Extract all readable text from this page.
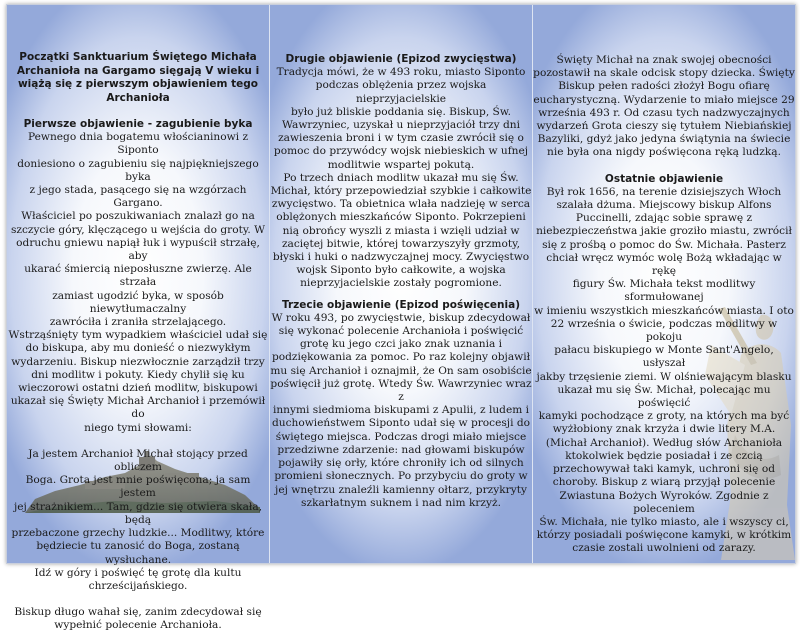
Początki Sanktuarium Świętego Michała

Archanioła na Gargamo sięgają V wieku i

wiążą się z pierwszym objawieniem tego

Archanioła

Pierwsze objawienie - zagubienie byka

Pewnego dnia bogatemu włościaninowi z Siponto

doniesiono o zagubieniu się najpiękniejszego byka

z jego stada, pasącego się na wzgórzach Gargano.

Właściciel po poszukiwaniach znalazł go na

szczycie góry, klęczącego u wejścia do groty. W

odruchu gniewu napiął łuk i wypuścił strzałę, aby

ukarać śmiercią nieposłuszne zwierzę. Ale strzała

zamiast ugodzić byka, w sposób niewytłumaczalny

zawróciła i zraniła strzelającego.

Wstrząśnięty tym wypadkiem właściciel udał się

do biskupa, aby mu donieść o niezwykłym

wydarzeniu. Biskup niezwłocznie zarządził trzy

dni modlitw i pokuty. Kiedy chylił się ku

wieczorowi ostatni dzień modlitw, biskupowi

ukazał się Święty Michał Archanioł i przemówił do

niego tymi słowami:

Ja jestem Archanioł Michał stojący przed obliczem

Boga. Grota jest mnie poświęcona; ja sam jestem

jej strażnikiem... Tam, gdzie się otwiera skała, będą

przebaczone grzechy ludzkie... Modlitwy, które

będziecie tu zanosić do Boga, zostaną wysłuchane.

Idź w góry i poświęć tę grotę dla kultu

chrześcijańskiego.

Biskup długo wahał się, zanim zdecydował się

wypełnić polecenie Archanioła.

Drugie objawienie (Epizod zwycięstwa)

Tradycja mówi, że w 493 roku, miasto Siponto

podczas oblężenia przez wojska nieprzyjacielskie

było już bliskie poddania się. Biskup, Św.

Wawrzyniec, uzyskał u nieprzyjaciół trzy dni

zawieszenia broni i w tym czasie zwrócił się o

pomoc do przywódcy wojsk niebieskich w ufnej

modlitwie wspartej pokutą.

Po trzech dniach modlitw ukazał mu się Św.

Michał, który przepowiedział szybkie i całkowite

zwycięstwo. Ta obietnica wlała nadzieję w serca

oblężonych mieszkańców Siponto. Pokrzepieni

nią obrońcy wyszli z miasta i wzięli udział w

zaciętej bitwie, której towarzyszyły grzmoty,

błyski i huki o nadzwyczajnej mocy. Zwycięstwo

wojsk Siponto było całkowite, a wojska

nieprzyjacielskie zostały pogromione.

Trzecie objawienie (Epizod poświęcenia)

W roku 493, po zwycięstwie, biskup zdecydował

się wykonać polecenie Archanioła i poświęcić

grotę ku jego czci jako znak uznania i

podziękowania za pomoc. Po raz kolejny objawił

mu się Archanioł i oznajmił, że On sam osobiście

poświęcił już grotę. Wtedy Św. Wawrzyniec wraz z

innymi siedmioma biskupami z Apulii, z ludem i

duchowieństwem Siponto udał się w procesji do

świętego miejsca. Podczas drogi miało miejsce

przedziwne zdarzenie: nad głowami biskupów

pojawiły się orły, które chroniły ich od silnych

promieni słonecznych. Po przybyciu do groty w

jej wnętrzu znaleźli kamienny ołtarz, przykryty

szkarłatnym suknem i nad nim krzyż.

Święty Michał na znak swojej obecności

pozostawił na skale odcisk stopy dziecka. Święty

Biskup pełen radości złożył Bogu ofiarę

eucharystyczną. Wydarzenie to miało miejsce 29

września 493 r. Od czasu tych nadzwyczajnych

wydarzeń Grota cieszy się tytułem Niebiańskiej

Bazyliki, gdyż jako jedyna świątynia na świecie

nie była ona nigdy poświęcona ręką ludzką.

Ostatnie objawienie

Był rok 1656, na terenie dzisiejszych Włoch

szalała dżuma. Miejscowy biskup Alfons

Puccinelli, zdając sobie sprawę z

niebezpieczeństwa jakie groziło miastu, zwrócił

się z prośbą o pomoc do Św. Michała. Pasterz

chciał wręcz wymóc wolę Bożą wkładając w rękę

figury Św. Michała tekst modlitwy sformułowanej

w imieniu wszystkich mieszkańców miasta. I oto

22 września o świcie, podczas modlitwy w pokoju

pałacu biskupiego w Monte Sant'Angelo, usłyszał

jakby trzęsienie ziemi. W olśniewającym blasku

ukazał mu się Św. Michał, polecając mu poświęcić

kamyki pochodzące z groty, na których ma być

wyżłobiony znak krzyża i dwie litery M.A.

(Michał Archanioł). Według słów Archanioła

ktokolwiek będzie posiadał i ze czcią

przechowywał taki kamyk, uchroni się od

choroby. Biskup z wiarą przyjął polecenie

Zwiastuna Bożych Wyroków. Zgodnie z poleceniem

Św. Michała, nie tylko miasto, ale i wszyscy ci,

którzy posiadali poświęcone kamyki, w krótkim

czasie zostali uwolnieni od zarazy.
